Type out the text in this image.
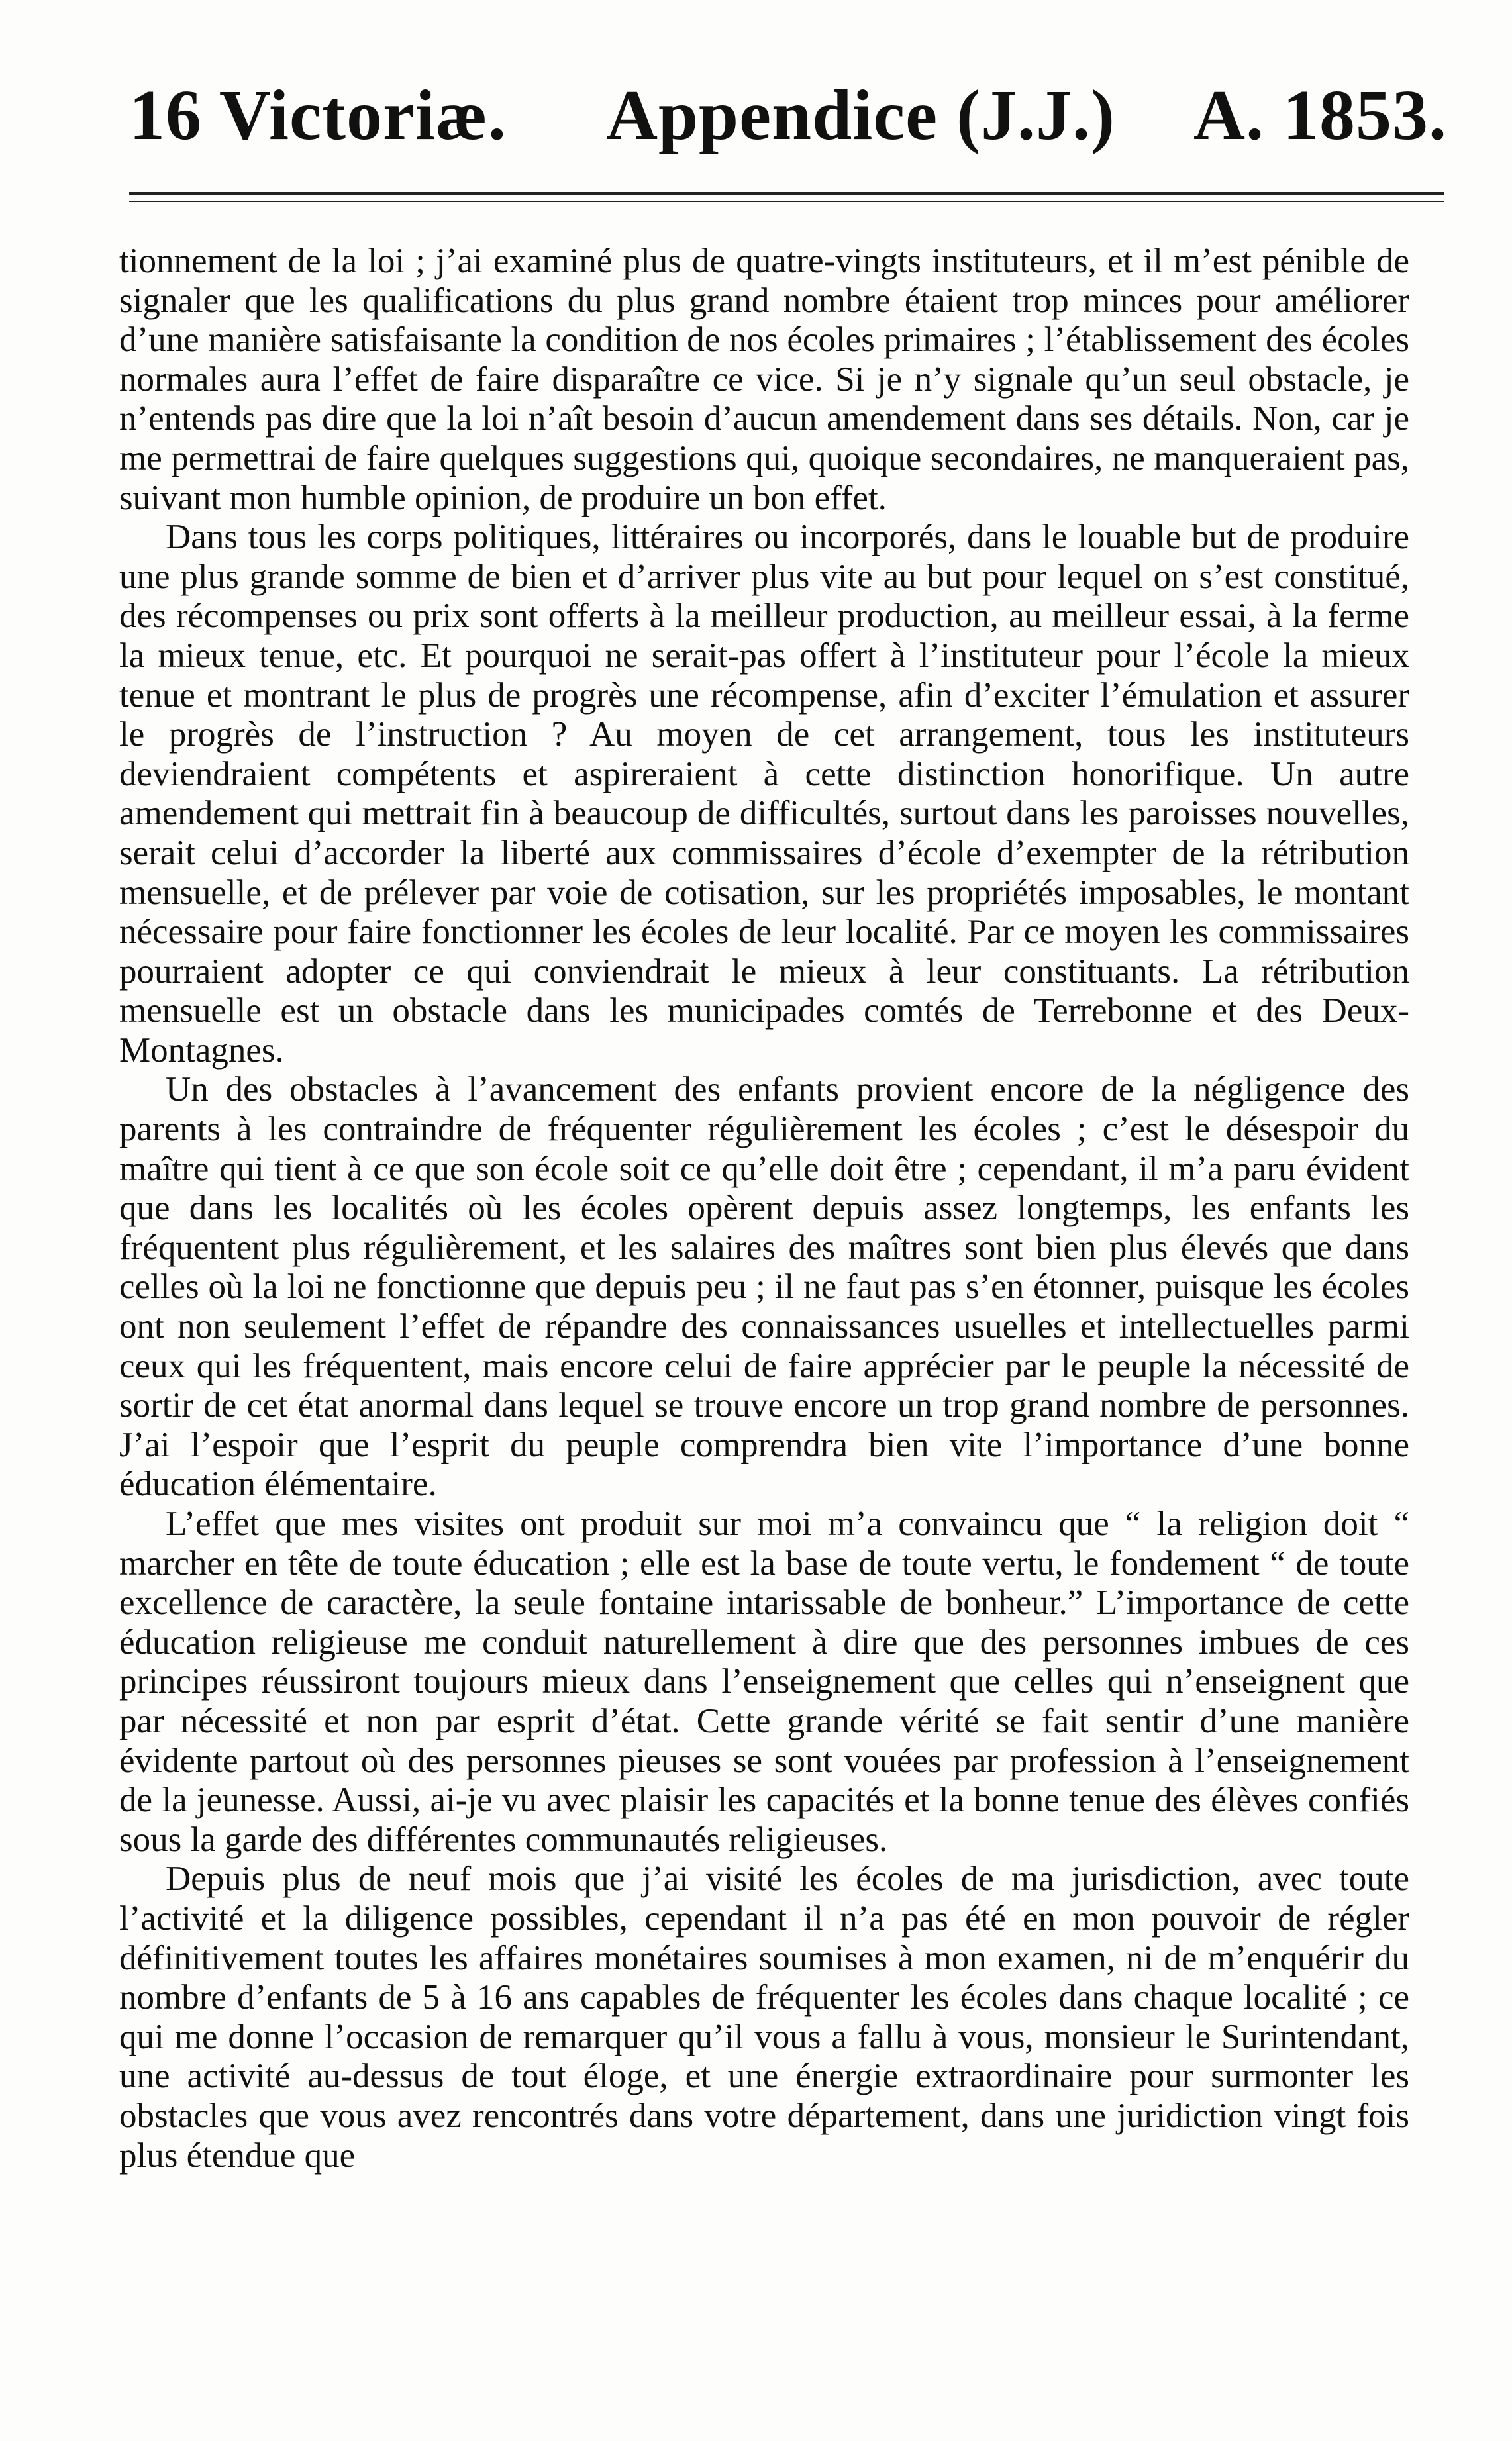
16 Victoriæ. Appendice (J.J.) A. 1853.

tionnement de la loi ; j’ai examiné plus de quatre-vingts instituteurs, et il m’est pénible de signaler que les qualifications du plus grand nombre étaient trop minces pour améliorer d’une manière satisfaisante la condition de nos écoles primaires ; l’établissement des écoles normales aura l’effet de faire disparaître ce vice. Si je n’y signale qu’un seul obstacle, je n’entends pas dire que la loi n’aît besoin d’aucun amendement dans ses détails. Non, car je me permettrai de faire quelques suggestions qui, quoique secondaires, ne manqueraient pas, suivant mon humble opinion, de produire un bon effet.

Dans tous les corps politiques, littéraires ou incorporés, dans le louable but de produire une plus grande somme de bien et d’arriver plus vite au but pour lequel on s’est constitué, des récompenses ou prix sont offerts à la meilleur production, au meilleur essai, à la ferme la mieux tenue, etc. Et pourquoi ne serait-pas offert à l’instituteur pour l’école la mieux tenue et montrant le plus de progrès une récompense, afin d’exciter l’émulation et assurer le progrès de l’instruction ? Au moyen de cet arrangement, tous les instituteurs deviendraient compétents et aspireraient à cette distinction honorifique. Un autre amendement qui mettrait fin à beaucoup de difficultés, surtout dans les paroisses nouvelles, serait celui d’accorder la liberté aux commissaires d’école d’exempter de la rétribution mensuelle, et de prélever par voie de cotisation, sur les propriétés imposables, le montant nécessaire pour faire fonctionner les écoles de leur localité. Par ce moyen les commissaires pourraient adopter ce qui conviendrait le mieux à leur constituants. La rétribution mensuelle est un obstacle dans les municipades comtés de Terrebonne et des Deux-Montagnes.

Un des obstacles à l’avancement des enfants provient encore de la négligence des parents à les contraindre de fréquenter régulièrement les écoles ; c’est le désespoir du maître qui tient à ce que son école soit ce qu’elle doit être ; cependant, il m’a paru évident que dans les localités où les écoles opèrent depuis assez longtemps, les enfants les fréquentent plus régulièrement, et les salaires des maîtres sont bien plus élevés que dans celles où la loi ne fonctionne que depuis peu ; il ne faut pas s’en étonner, puisque les écoles ont non seulement l’effet de répandre des connaissances usuelles et intellectuelles parmi ceux qui les fréquentent, mais encore celui de faire apprécier par le peuple la nécessité de sortir de cet état anormal dans lequel se trouve encore un trop grand nombre de personnes. J’ai l’espoir que l’esprit du peuple comprendra bien vite l’importance d’une bonne éducation élémentaire.

L’effet que mes visites ont produit sur moi m’a convaincu que “ la religion doit “ marcher en tête de toute éducation ; elle est la base de toute vertu, le fondement “ de toute excellence de caractère, la seule fontaine intarissable de bonheur.” L’importance de cette éducation religieuse me conduit naturellement à dire que des personnes imbues de ces principes réussiront toujours mieux dans l’enseignement que celles qui n’enseignent que par nécessité et non par esprit d’état. Cette grande vérité se fait sentir d’une manière évidente partout où des personnes pieuses se sont vouées par profession à l’enseignement de la jeunesse. Aussi, ai-je vu avec plaisir les capacités et la bonne tenue des élèves confiés sous la garde des différentes communautés religieuses.

Depuis plus de neuf mois que j’ai visité les écoles de ma jurisdiction, avec toute l’activité et la diligence possibles, cependant il n’a pas été en mon pouvoir de régler définitivement toutes les affaires monétaires soumises à mon examen, ni de m’enquérir du nombre d’enfants de 5 à 16 ans capables de fréquenter les écoles dans chaque localité ; ce qui me donne l’occasion de remarquer qu’il vous a fallu à vous, monsieur le Surintendant, une activité au-dessus de tout éloge, et une énergie extraordinaire pour surmonter les obstacles que vous avez rencontrés dans votre département, dans une juridiction vingt fois plus étendue que
